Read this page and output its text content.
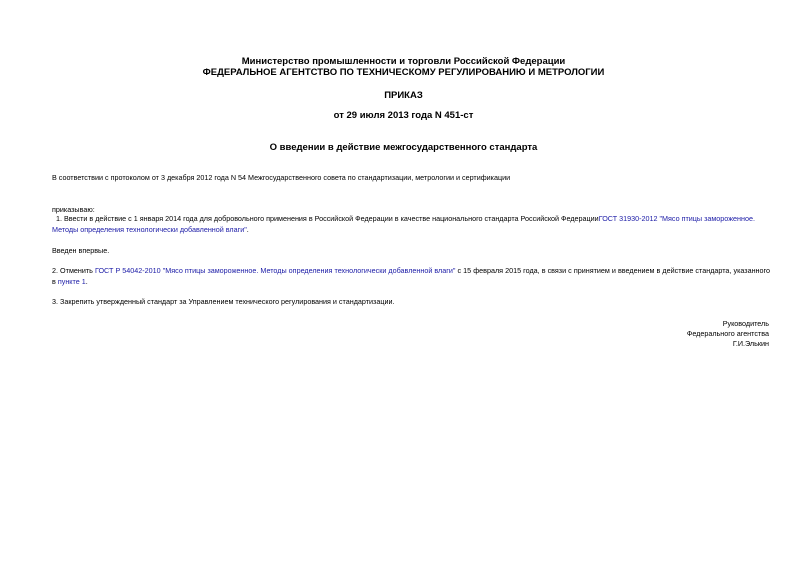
Министерство промышленности и торговли Российской Федерации
ФЕДЕРАЛЬНОЕ АГЕНТСТВО ПО ТЕХНИЧЕСКОМУ РЕГУЛИРОВАНИЮ И МЕТРОЛОГИИ
ПРИКАЗ
от 29 июля 2013 года N 451-ст
О введении в действие межгосударственного стандарта
В соответствии с протоколом от 3 декабря 2012 года N 54 Межгосударственного совета по стандартизации, метрологии и сертификации
приказываю:
1. Ввести в действие с 1 января 2014 года для добровольного применения в Российской Федерации в качестве национального стандарта Российской ФедерацииГОСТ 31930-2012 "Мясо птицы замороженное. Методы определения технологически добавленной влаги".
Введен впервые.
2. Отменить ГОСТ Р 54042-2010 "Мясо птицы замороженное. Методы определения технологически добавленной влаги" с 15 февраля 2015 года, в связи с принятием и введением в действие стандарта, указанного в пункте 1.
3. Закрепить утвержденный стандарт за Управлением технического регулирования и стандартизации.
Руководитель
Федерального агентства
Г.И.Элькин
